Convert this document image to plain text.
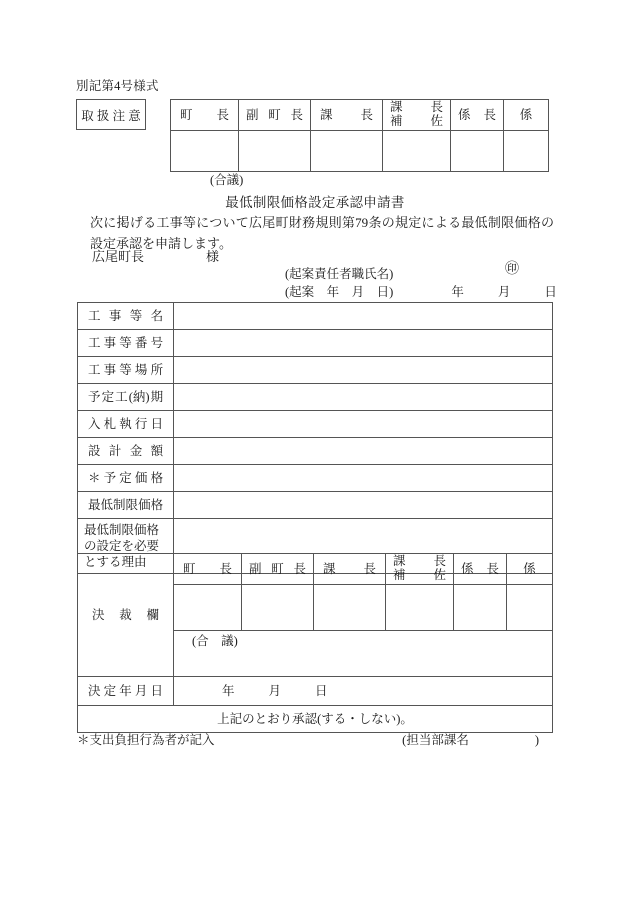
別記第4号様式
取扱注意	町 長	副 町 長	課 長

課 長
補 佐	係 長	係

(合議)
最低制限価格設定承認申請書
次に掲げる工事等について広尾町財務規則第79条の規定による最低制限価格の設定承認を申請します。
広尾町長	様
(起案責任者職氏名)
(起案　年　月　日)	年	月	日
㊞
工 事 等 名	

工 事 等 番 号	

工 事 等 場 所	

予 定 工 (納) 期	

入 札 執 行 日	

設 計 金 額	

＊ 予 定 価 格	

最 低 制 限 価 格

最低制限価格
の設定を必要
とする理由	

決 裁 欄

町 長	副 町 長	課 長

課 長
補 佐	係 長	係

	(合　議)					

決 定 年 月 日	年 月 日					
上記のとおり承認(する・しない)。						
＊支出負担行為者が記入	(担当部課名	)
